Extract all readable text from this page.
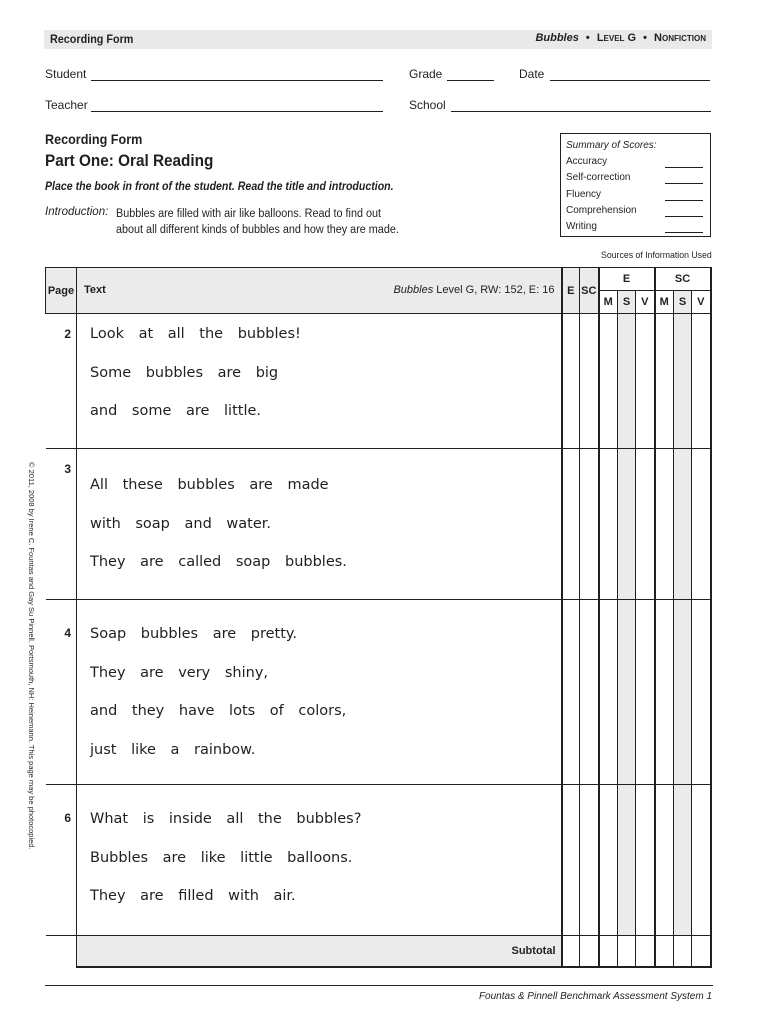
Recording Form	Bubbles • Level G • Nonfiction
Student	Grade	Date
Teacher	School
Recording Form
Part One: Oral Reading
Place the book in front of the student. Read the title and introduction.
Introduction: Bubbles are filled with air like balloons. Read to find out about all different kinds of bubbles and how they are made.
Summary of Scores:
Accuracy
Self-correction
Fluency
Comprehension
Writing
Sources of Information Used
Page	Text Bubbles Level G, RW: 152, E: 16	E	SC	E			SC		
				M	S	V	M	S	V
2	Look at all the bubbles!
Some bubbles are big
and some are little.								

3	All these bubbles are made
with soap and water.
They are called soap bubbles.								

4	Soap bubbles are pretty.
They are very shiny,
and they have lots of colors,
just like a rainbow.								

6	What is inside all the bubbles?
Bubbles are like little balloons.
They are filled with air.								

	Subtotal								
© 2011, 2008 by Irene C. Fountas and Gay Su Pinnell. Portsmouth, NH: Heinemann. This page may be photocopied.
Fountas & Pinnell Benchmark Assessment System 1
